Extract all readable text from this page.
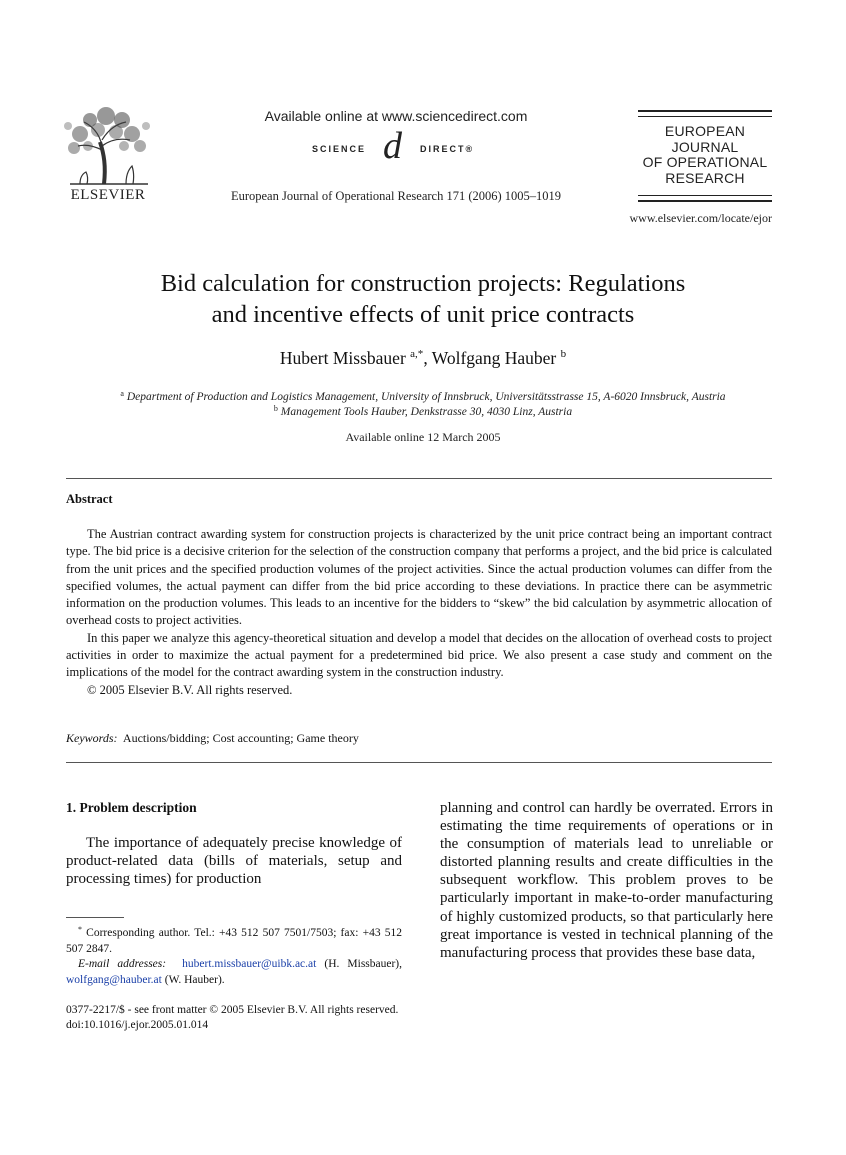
ELSEVIER
Available online at www.sciencedirect.com
SCIENCE d DIRECT®
European Journal of Operational Research 171 (2006) 1005–1019
EUROPEAN
JOURNAL
OF OPERATIONAL
RESEARCH
www.elsevier.com/locate/ejor
Bid calculation for construction projects: Regulations
and incentive effects of unit price contracts
Hubert Missbauer $^{a,*}$, Wolfgang Hauber $^b$
$^a$ Department of Production and Logistics Management, University of Innsbruck, Universitätsstrasse 15, A-6020 Innsbruck, Austria
$^b$ Management Tools Hauber, Denkstrasse 30, 4030 Linz, Austria
Available online 12 March 2005
Abstract

The Austrian contract awarding system for construction projects is characterized by the unit price contract being an important contract type. The bid price is a decisive criterion for the selection of the construction company that performs a project, and the bid price is calculated from the unit prices and the specified production volumes of the project activities. Since the actual production volumes can differ from the specified volumes, the actual payment can differ from the bid price according to these deviations. In practice there can be asymmetric information on the production volumes. This leads to an incentive for the bidders to “skew” the bid calculation by asymmetric allocation of overhead costs to project activities.

In this paper we analyze this agency-theoretical situation and develop a model that decides on the allocation of overhead costs to project activities in order to maximize the actual payment for a predetermined bid price. We also present a case study and comment on the implications of the model for the contract awarding system in the construction industry.

© 2005 Elsevier B.V. All rights reserved.

Keywords: Auctions/bidding; Cost accounting; Game theory
1. Problem description

The importance of adequately precise knowledge of product-related data (bills of materials, setup and processing times) for production

planning and control can hardly be overrated. Errors in estimating the time requirements of operations or in the consumption of materials lead to unreliable or distorted planning results and create difficulties in the subsequent workflow. This problem proves to be particularly important in make-to-order manufacturing of highly customized products, so that particularly here great importance is vested in technical planning of the manufacturing process that provides these base data,

* Corresponding author. Tel.: +43 512 507 7501/7503; fax: +43 512 507 2847.

E-mail addresses: hubert.missbauer@uibk.ac.at (H. Missbauer), wolfgang@hauber.at (W. Hauber).

0377-2217/$ - see front matter © 2005 Elsevier B.V. All rights reserved.
doi:10.1016/j.ejor.2005.01.014
